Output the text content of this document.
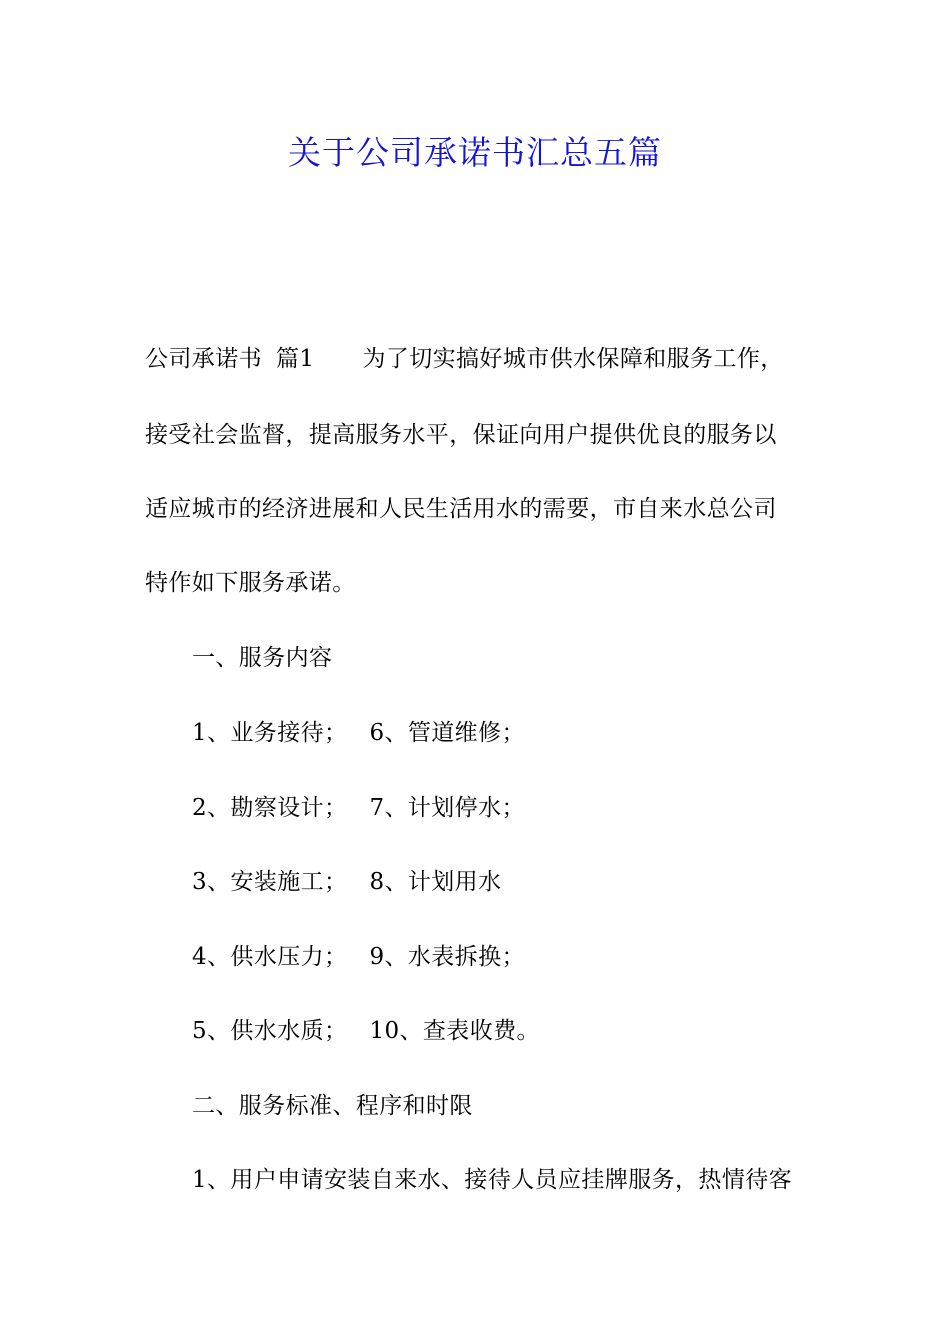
关于公司承诺书汇总五篇
公司承诺书 篇1 为了切实搞好城市供水保障和服务工作，
接受社会监督，提高服务水平，保证向用户提供优良的服务以
适应城市的经济进展和人民生活用水的需要，市自来水总公司
特作如下服务承诺。
一、服务内容
1、业务接待； 6、管道维修；
2、勘察设计； 7、计划停水；
3、安装施工； 8、计划用水
4、供水压力； 9、水表拆换；
5、供水水质； 10、查表收费。
二、服务标准、程序和时限
1、用户申请安装自来水、接待人员应挂牌服务，热情待客
